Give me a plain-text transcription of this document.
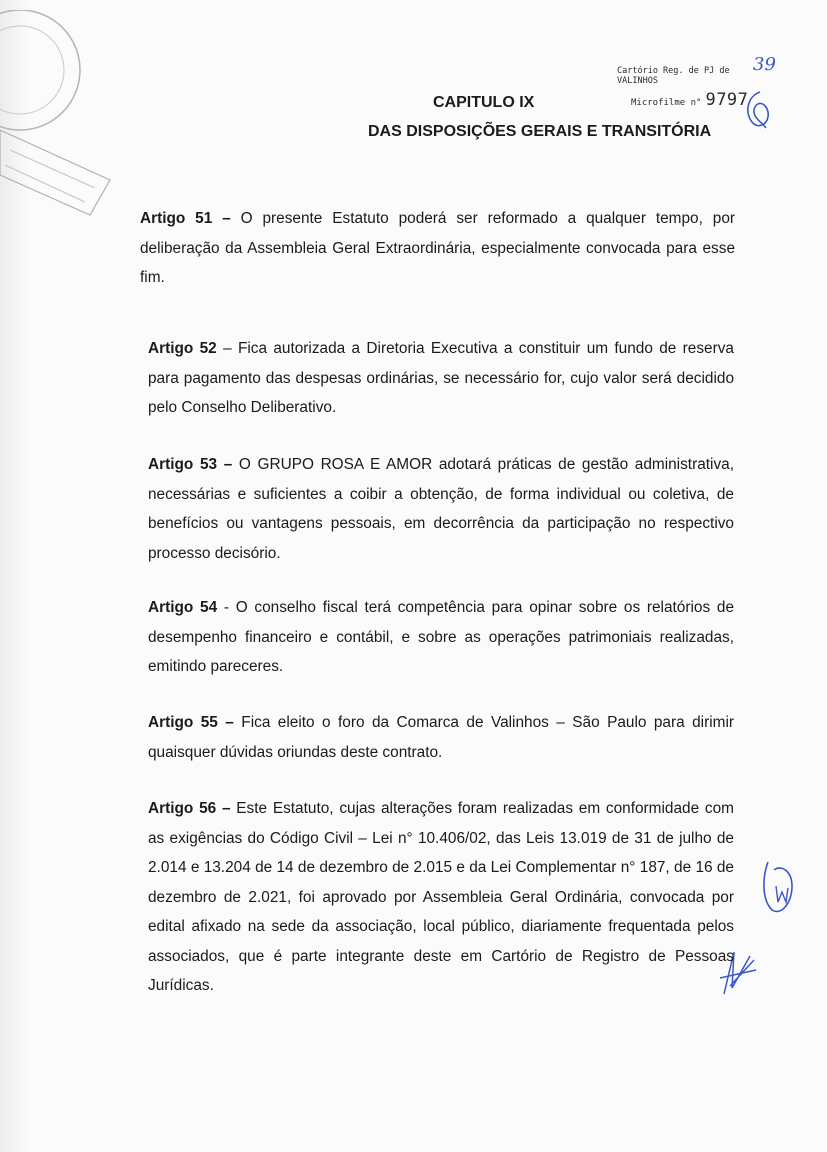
Cartório Reg. de PJ de
VALINHOS
Microfilme n° 9797
39
CAPITULO IX
DAS DISPOSIÇÕES GERAIS E TRANSITÓRIA
Artigo 51 – O presente Estatuto poderá ser reformado a qualquer tempo, por deliberação da Assembleia Geral Extraordinária, especialmente convocada para esse fim.
Artigo 52 – Fica autorizada a Diretoria Executiva a constituir um fundo de reserva para pagamento das despesas ordinárias, se necessário for, cujo valor será decidido pelo Conselho Deliberativo.
Artigo 53 – O GRUPO ROSA E AMOR adotará práticas de gestão administrativa, necessárias e suficientes a coibir a obtenção, de forma individual ou coletiva, de benefícios ou vantagens pessoais, em decorrência da participação no respectivo processo decisório.
Artigo 54 - O conselho fiscal terá competência para opinar sobre os relatórios de desempenho financeiro e contábil, e sobre as operações patrimoniais realizadas, emitindo pareceres.
Artigo 55 – Fica eleito o foro da Comarca de Valinhos – São Paulo para dirimir quaisquer dúvidas oriundas deste contrato.
Artigo 56 – Este Estatuto, cujas alterações foram realizadas em conformidade com as exigências do Código Civil – Lei n° 10.406/02, das Leis 13.019 de 31 de julho de 2.014 e 13.204 de 14 de dezembro de 2.015 e da Lei Complementar n° 187, de 16 de dezembro de 2.021, foi aprovado por Assembleia Geral Ordinária, convocada por edital afixado na sede da associação, local público, diariamente frequentada pelos associados, que é parte integrante deste em Cartório de Registro de Pessoas Jurídicas.
